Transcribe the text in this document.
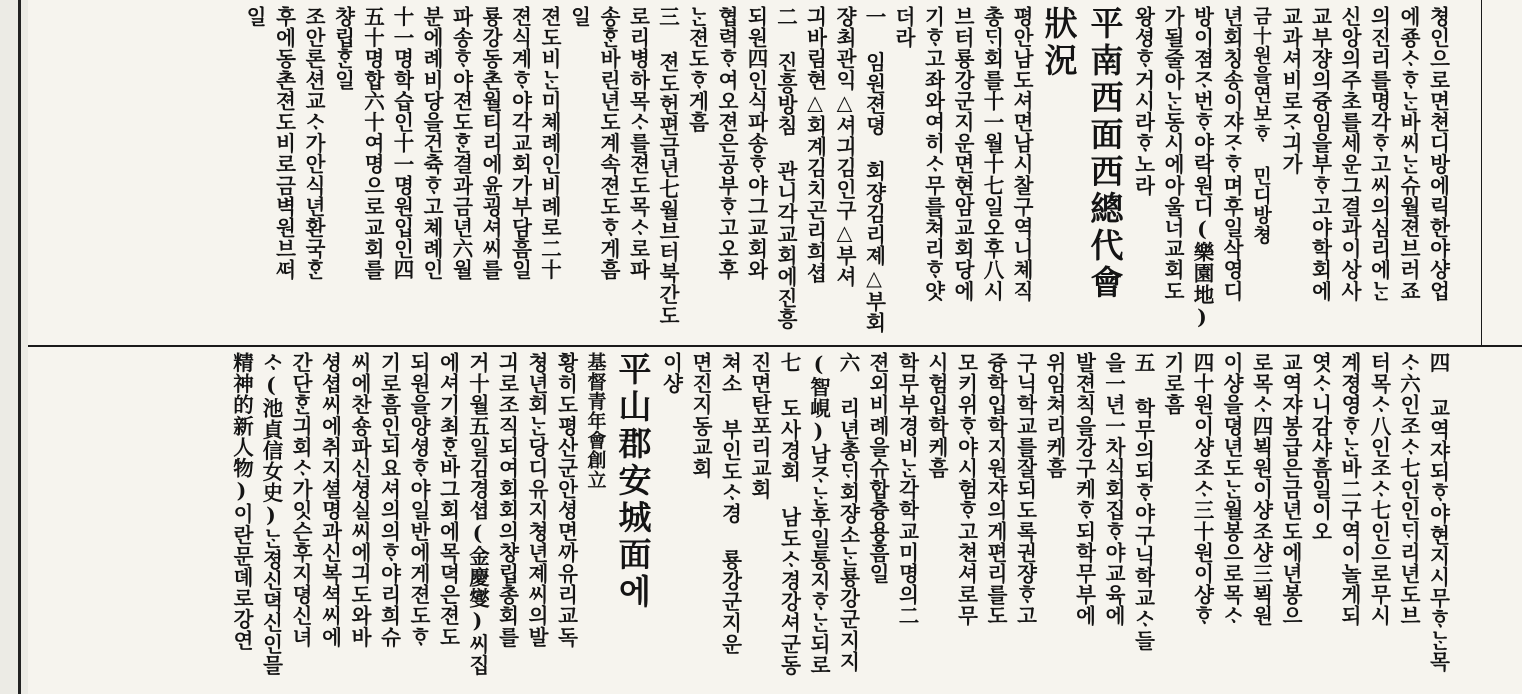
쳥인으로면쳔디방에릭한야샹업
에죵ᄉᆞᄒᆞᄂᆞᆫ바씨ᄂᆞᆫ슈월젼브러죠
의진리를명각ᄒᆞ고씨의심리에ᄂᆞᆫ
신앙의주초를세운그결과이상사
교부쟝의즁임을부ᄒᆞ고야학회에
교과셔비로ᄌᆞ긔가
금十원을연보ᄒᆞ 민디방쳥
년회칭송이쟈ᄌᆞᄒᆞ며후일삭영디
방이졈ᄌᆞ번ᄒᆞ야락원디(樂園地)
가될줄아ᄂᆞᆫ동시에아울너교회도
왕셩ᄒᆞ거시라ᄒᆞ노라
平南西面西總代會
狀況
평안남도셔면남시찰구역니쳬직
총ᄃᆡ회를十一월十七일오후八시
브터룡강군지운면현암교회당에
기ᄒᆞ고좌와여히ᄉᆞ무를쳐리ᄒᆞ얏
더라
一 임원젼뎡 회쟝김리졔△부회
쟝최관익△셔긔김인구△부셔
긔바림현△회계김치곤리희셥
二 진흥방침 관니각교회에진흥
되원四인식파송ᄒᆞ야그교회와
협력ᄒᆞ여오젼은공부ᄒᆞ고오후
ᄂᆞᆫ젼도ᄒᆞ게흠
三 젼도헌편금년七월브터북간도
로리병하목ᄉᆞ를젼도목ᄉᆞ로파
송ᄒᆞᆫ바린년도계속젼도ᄒᆞ게흠
일
젼도비ᄂᆞᆫ미쳬례인비례로二十
젼식계ᄒᆞ야각교회가부담흠일
룡강동촌월티리에윤굉셔씨를
파송ᄒᆞ야젼도ᄒᆞᆫ결과금년六월
분에례비당을건츅ᄒᆞ고쳬례인
十一명학습인十一명원입인四
五十명합六十여명으로교회를
챵립ᄒᆞᆫ일
조안론션교ᄉᆞ가안식년환국ᄒᆞᆫ
후에동촌젼도비로금벽원브ᄯᅥ
일
四 교역쟈되ᄒᆞ야현지시무ᄒᆞᄂᆞᆫ목
ᄉᆞ六인조ᄉᆞ七인인ᄃᆡ리년도브
터목ᄉᆞ八인조ᄉᆞ七인으로무시
계졍영ᄒᆞᄂᆞᆫ바二구역이놀게되
엿ᄉᆞ니감샤흠일이오
교역쟈봉급은금년도에년봉으
로목ᄉᆞ四뵉원이샹조샹三뵉원
이샹을뎡년도ᄂᆞᆫ월봉으로목ᄉᆞ
四十원이샹조ᄉᆞ三十원이샹ᄒᆞ
기로흠
五 학무의되ᄒᆞ야구닉학교ᄉᆞ들
을一년一차식회집ᄒᆞ야교육에
발젼칙을강구케ᄒᆞ되학무부에
위임쳐리케흠
구닉학교를잘되도록권쟝ᄒᆞ고
즁학입학지원쟈의게편리를도
모키위ᄒᆞ야시험ᄒᆞ고쳔셔로무
시험입학케흠
학무부경비ᄂᆞᆫ각학교미명의二
젼외비례을슈합츙용흠일
六 리년총ᄃᆡ회쟝소ᄂᆞᆫ룡강군지지
(智峴)남ᄌᆞᄂᆞᆫ후일통지ᄒᆞᄂᆞᆫ되로
七 도사경회 남도ᄉᆞ경강셔군동
진면탄포리교회
쳐소 부인도ᄉᆞ경 룡강군지운
면진지동교회
이샹
平山郡安城面에
基督青年會創立
황히도평산군안셩면ᄭᅡ유리교독
쳥년회ᄂᆞᆫ당디유지쳥년졔씨의발
긔로조직되여회회의챵립총회를
거十월五일김경셥(金慶燮)씨집
에셔기최ᄒᆞᆫ바그회에목뎍은젼도
되원을양셩ᄒᆞ야일반에게젼도ᄒᆞ
기로흠인되요셔의의ᄒᆞ야리희슈
씨에찬숑파신셩실씨에긔도와바
셩셥씨에취지셜명과신복셕씨에
간단ᄒᆞᆫ긔회ᄉᆞ가잇슨후지뎡신녀
ᄉᆞ(池貞信女史)ᄂᆞᆫ졍신뎍신인믈
精神的新人物)이란문뎨로강연
